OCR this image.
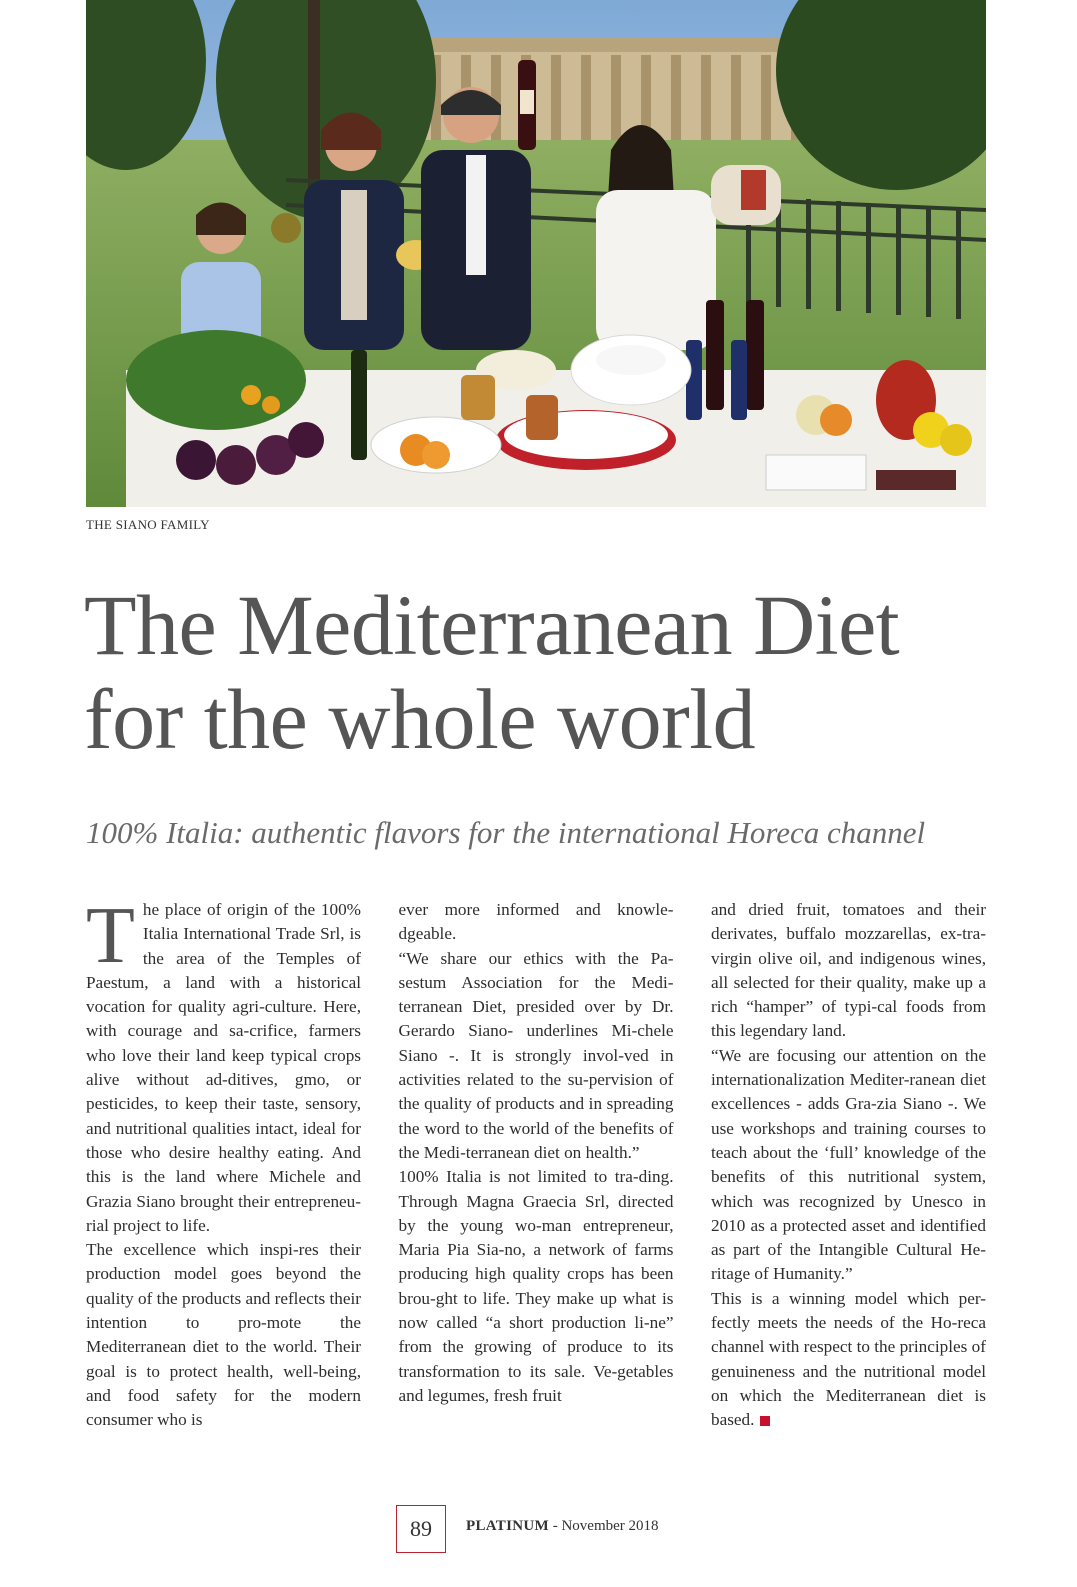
THE SIANO FAMILY
The Mediterranean Diet
for the whole world
100% Italia: authentic flavors for the international Horeca channel

The place of origin of the 100% Italia International Trade Srl, is the area of the Temples of Paestum, a land with a historical vocation for quality agri-culture. Here, with courage and sa-crifice, farmers who love their land keep typical crops alive without ad-ditives, gmo, or pesticides, to keep their taste, sensory, and nutritional qualities intact, ideal for those who desire healthy eating. And this is the land where Michele and Grazia Siano brought their entrepreneu-rial project to life.

The excellence which inspi-res their production model goes beyond the quality of the products and reflects their intention to pro-mote the Mediterranean diet to the world. Their goal is to protect health, well-being, and food safety for the modern consumer who is

ever more informed and knowle-dgeable.

“We share our ethics with the Pa-sestum Association for the Medi-terranean Diet, presided over by Dr. Gerardo Siano- underlines Mi-chele Siano -. It is strongly invol-ved in activities related to the su-pervision of the quality of products and in spreading the word to the world of the benefits of the Medi-terranean diet on health.”

100% Italia is not limited to tra-ding. Through Magna Graecia Srl, directed by the young wo-man entrepreneur, Maria Pia Sia-no, a network of farms producing high quality crops has been brou-ght to life. They make up what is now called “a short production li-ne” from the growing of produce to its transformation to its sale. Ve-getables and legumes, fresh fruit

and dried fruit, tomatoes and their derivates, buffalo mozzarellas, ex-tra-virgin olive oil, and indigenous wines, all selected for their quality, make up a rich “hamper” of typi-cal foods from this legendary land.

“We are focusing our attention on the internationalization Mediter-ranean diet excellences - adds Gra-zia Siano -. We use workshops and training courses to teach about the ‘full’ knowledge of the benefits of this nutritional system, which was recognized by Unesco in 2010 as a protected asset and identified as part of the Intangible Cultural He-ritage of Humanity.”

This is a winning model which per-fectly meets the needs of the Ho-reca channel with respect to the principles of genuineness and the nutritional model on which the Mediterranean diet is based.

89	PLATINUM - November 2018
